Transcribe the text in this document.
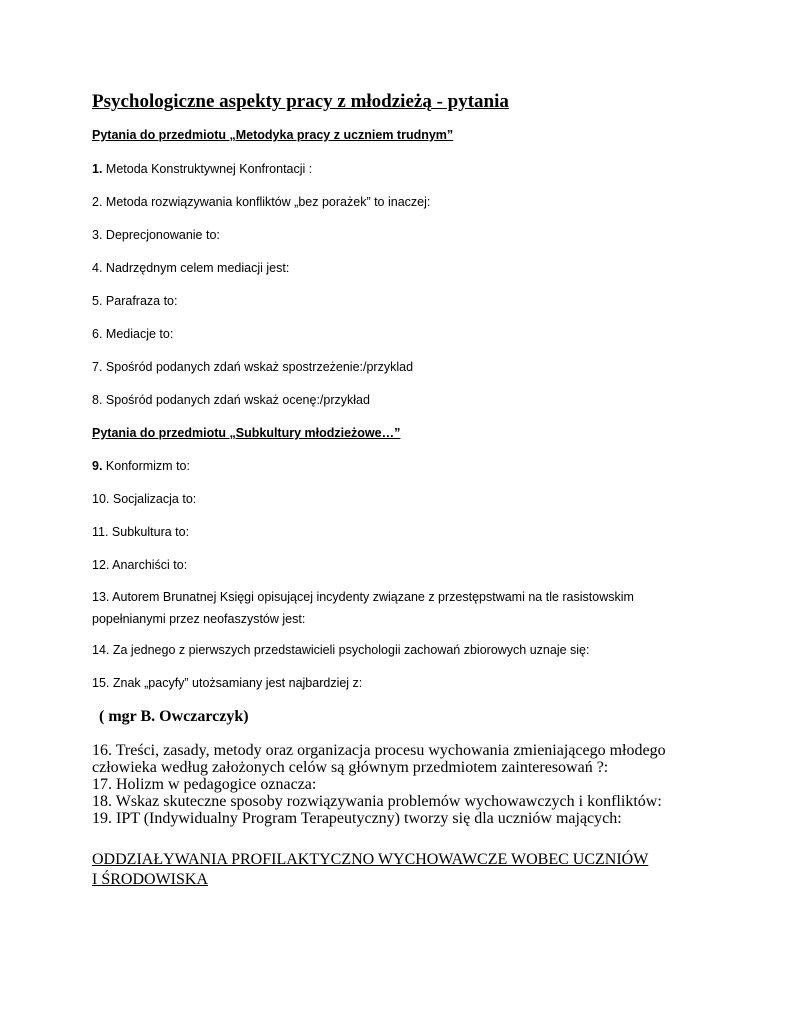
Psychologiczne aspekty pracy z młodzieżą - pytania
Pytania do przedmiotu „Metodyka pracy z uczniem trudnym”
1. Metoda Konstruktywnej Konfrontacji :
2. Metoda rozwiązywania konfliktów „bez porażek” to inaczej:
3. Deprecjonowanie to:
4. Nadrzędnym celem mediacji jest:
5. Parafraza to:
6. Mediacje to:
7. Spośród podanych zdań wskaż spostrzeżenie:/przyklad
8. Spośród podanych zdań wskaż ocenę:/przykład
Pytania do przedmiotu „Subkultury młodzieżowe…”
9. Konformizm to:
10. Socjalizacja to:
11. Subkultura to:
12. Anarchiści to:
13. Autorem Brunatnej Księgi opisującej incydenty związane z przestępstwami na tle rasistowskim
popełnianymi przez neofaszystów jest:
14. Za jednego z pierwszych przedstawicieli psychologii zachowań zbiorowych uznaje się:
15. Znak „pacyfy” utożsamiany jest najbardziej z:
( mgr B. Owczarczyk)
16. Treści, zasady, metody oraz organizacja procesu wychowania zmieniającego młodego
człowieka według założonych celów są głównym przedmiotem zainteresowań ?:
17. Holizm w pedagogice oznacza:
18. Wskaz skuteczne sposoby rozwiązywania problemów wychowawczych i konfliktów:
19. IPT (Indywidualny Program Terapeutyczny) tworzy się dla uczniów mających:
ODDZIAŁYWANIA PROFILAKTYCZNO WYCHOWAWCZE WOBEC UCZNIÓW
I ŚRODOWISKA
